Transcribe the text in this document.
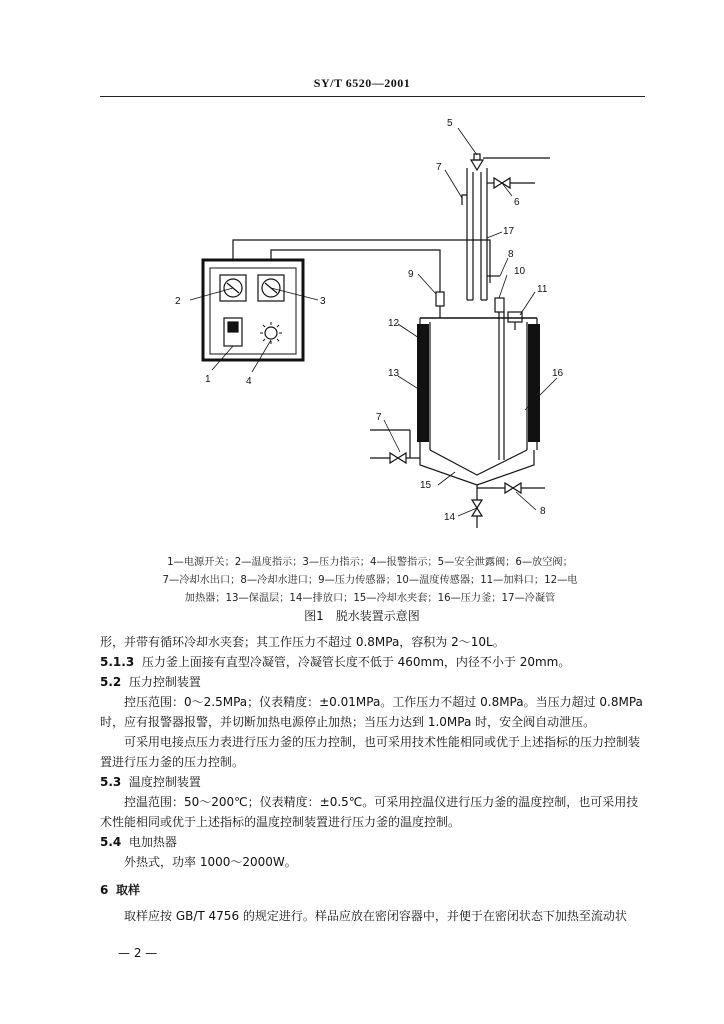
SY/T 6520—2001
1
2	3
4
5
6
7
8
9	10
11
12
13
14
15
16
17
7
8
1—电源开关；2—温度指示；3—压力指示；4—报警指示；5—安全泄露阀；6—放空阀；
7—冷却水出口；8—冷却水进口；9—压力传感器；10—温度传感器；11—加料口；12—电
加热器；13—保温层；14—排放口；15—冷却水夹套；16—压力釜；17—冷凝管
图1　脱水装置示意图

形，并带有循环冷却水夹套；其工作压力不超过 0.8MPa，容积为 2～10L。

5.1.3 压力釜上面接有直型冷凝管，冷凝管长度不低于 460mm，内径不小于 20mm。

5.2 压力控制装置

控压范围：0～2.5MPa；仪表精度：±0.01MPa。工作压力不超过 0.8MPa。当压力超过 0.8MPa时，应有报警器报警，并切断加热电源停止加热；当压力达到 1.0MPa 时，安全阀自动泄压。

可采用电接点压力表进行压力釜的压力控制，也可采用技术性能相同或优于上述指标的压力控制装置进行压力釜的压力控制。

5.3 温度控制装置

控温范围：50～200℃；仪表精度：±0.5℃。可采用控温仪进行压力釜的温度控制，也可采用技术性能相同或优于上述指标的温度控制装置进行压力釜的温度控制。

5.4 电加热器

外热式，功率 1000～2000W。

6 取样

取样应按 GB/T 4756 的规定进行。样品应放在密闭容器中，并便于在密闭状态下加热至流动状

— 2 —
